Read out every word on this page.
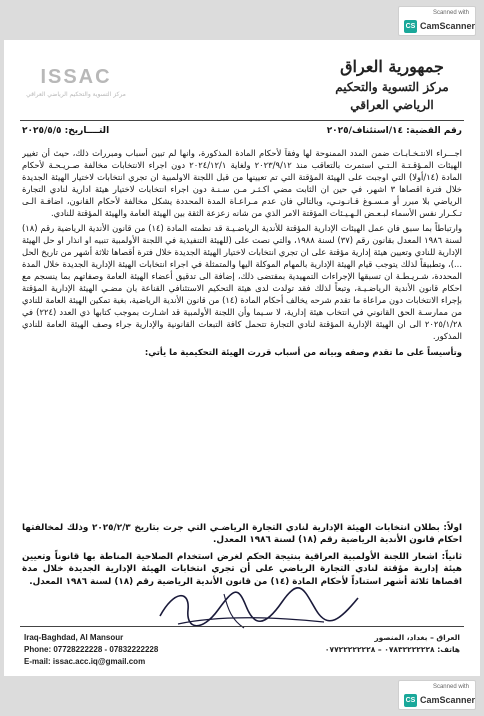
Scanned with
CS CamScanner
جمهورية العراق
مركز التسوية والتحكيم الرياضي العراقي
ISSAC
مركز التسوية والتحكيم الرياضي العراقي
رقم القضية: ١٤/استئناف/٢٠٢٥
التــــاريخ: ٢٠٢٥/٥/٥

اجـــراء الانتـخـابـات ضمن المدد الممنوحة لها وفقاً لأحكام المادة المذكورة، وانها لم تبين أسباب ومبررات ذلك، حيث أن تغيير الهيئات المـؤقـتـة الـتـي استمرت بالتعاقب منذ ٢٠٢٣/٩/١٢ ولغاية ٢٠٢٤/١٢/١ دون اجراء الانتخابات مخالفة صـريـحـة لأحكام المادة (١٤/أولا) التي اوجبت على الهيئة المؤقتة التي تم تعيينها من قبل اللجنة الاولمبية ان تجري انتخابات لاختيار الهيئة الجديدة خلال فترة اقصاها ٣ اشهر، في حين ان الثابت مضي اكـثـر مـن سـنـة دون اجراء انتخابات لاختيار هيئة ادارية لنادي التجارة الرياضي بلا مبرر أو مـسـوغ قـانـونـي، وبالتالي فان عدم مـراعـاة المدة المحددة يشكل مخالفة لأحكام القانون، اضافـة الـى تـكـرار نفس الأسماء لبـعـض الـهـيـئات المؤقتة الامر الذي من شانه زعزعة الثقة بين الهيئة العامة والهيئة المؤقتة للنادي.

وارتباطاً بما سبق فان عمل الهيئات الإدارية المؤقتة للأندية الرياضـيـة قد نظمته المادة (١٤) من قانون الأندية الرياضية رقم (١٨) لسنة ١٩٨٦ المعدل بقانون رقم (٣٧) لسنة ١٩٨٨، والتي نصت على (للهيئة التنفيذية في اللجنة الأولمبية تنبيه او انذار او حل الهيئة الإدارية للنادي وتعيين هيئة إدارية مؤقتة على ان تجري انتخابات لاختيار الهيئة الجديدة خلال فترة أقصاها ثلاثة أشهر من تاريخ الحل ...)، وتطبيقاً لذلك يتوجب قيام الهيئة الإدارية بالمهام الموكلة اليها والمتمثلة في اجراء انتخابات الهيئة الإدارية الجديدة خلال المدة المحددة، شـريـطـة ان تسبقها الإجراءات التمهيدية بمقتضى ذلك، إضافة الى تدقيق أعضاء الهيئة العامة وصفاتهم بما ينسجم مع احكام قانون الأندية الرياضـيـة، وتبعاً لذلك فقد تولدت لدى هيئة التحكيم الاستئنافي القناعة بان مضـي الهيئة الإدارية المؤقتة بإجراء الانتخابات دون مراعاة ما تقدم شرحه يخالف أحكام المادة (١٤) من قانون الأندية الرياضية، بغية تمكين الهيئة العامة للنادي من ممارسـة الحق القانوني في انتخاب هيئة إدارية، لا سـيما وأن اللجنة الأولمبية قد اشـارت بموجب كتابها ذي العدد (٢٢٤) في ٢٠٢٥/١/٢٨ الى ان الهيئة الإدارية المؤقتة لنادي التجارة تتحمل كافة التبعات القانونية والإدارية جراء وصف الهيئة العامة للنادي المذكور.

وتأسيساً على ما تقدم وصفه وبيانه من أسباب قررت الهيئة التحكيمية ما يأتي:

اولاً: بطلان انتخابات الهيئة الإدارية لنادي التجارة الرياضـي التي جرت بتاريخ ٢٠٢٥/٢/٣ وذلك لمخالفتها احكام قانون الأندية الرياضية رقم (١٨) لسنة ١٩٨٦ المعدل.

ثانياً: اشعار اللجنة الأولمبية العراقية بنتيجة الحكم لغرض استخدام الصلاحية المناطة بها قانوناً وتعيين هيئة إدارية مؤقتة لنادي التجارة الرياضي على أن تجري انتخابات الهيئة الإدارية الجديدة خلال مدة اقصاها ثلاثة أشهر استناداً لأحكام المادة (١٤) من قانون الأندية الرياضية رقم (١٨) لسنة ١٩٨٦ المعدل.

Iraq-Baghdad, Al Mansour
Phone: 07728222228 - 07832222228
E-mail: issac.acc.iq@gmail.com
العراق – بغداد، المنصور
هاتف: ٠٧٨٣٢٢٢٢٢٢٨ – ٠٧٧٢٢٢٢٢٢٢٨
Scanned with
CS CamScanner
